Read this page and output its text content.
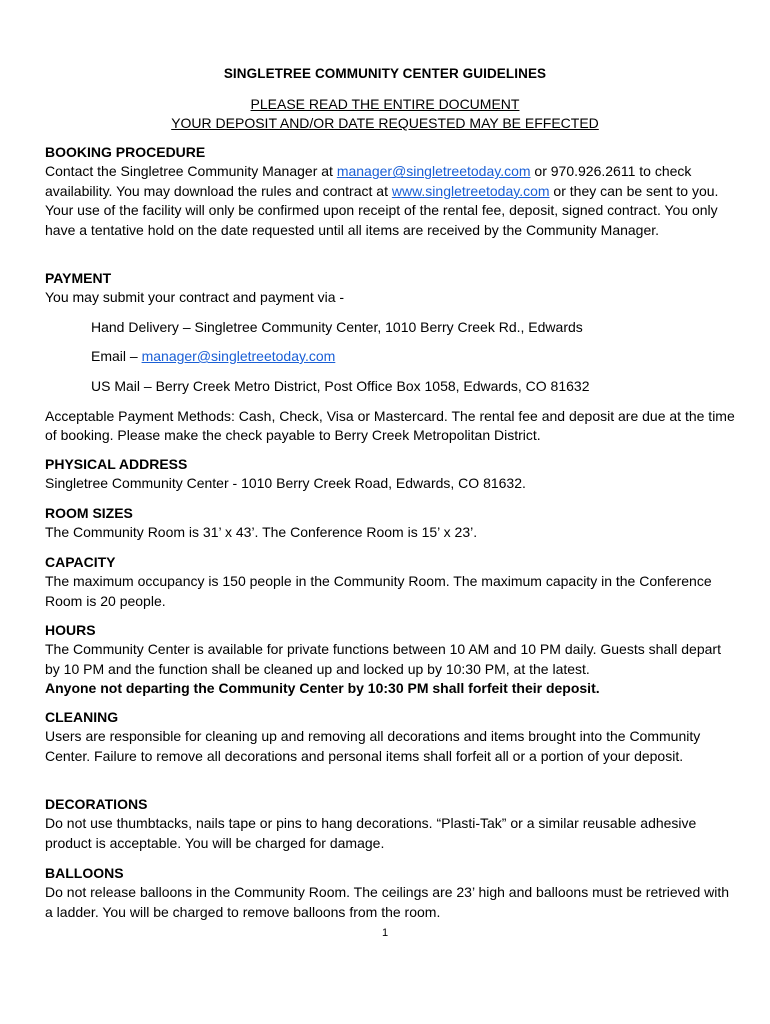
SINGLETREE COMMUNITY CENTER GUIDELINES
PLEASE READ THE ENTIRE DOCUMENT
YOUR DEPOSIT AND/OR DATE REQUESTED MAY BE EFFECTED
BOOKING PROCEDURE

Contact the Singletree Community Manager at manager@singletreetoday.com or 970.926.2611 to check availability. You may download the rules and contract at www.singletreetoday.com or they can be sent to you. Your use of the facility will only be confirmed upon receipt of the rental fee, deposit, signed contract. You only have a tentative hold on the date requested until all items are received by the Community Manager.

PAYMENT

You may submit your contract and payment via -

Hand Delivery – Singletree Community Center, 1010 Berry Creek Rd., Edwards
Email – manager@singletreetoday.com
US Mail – Berry Creek Metro District, Post Office Box 1058, Edwards, CO 81632
Acceptable Payment Methods: Cash, Check, Visa or Mastercard. The rental fee and deposit are due at the time of booking. Please make the check payable to Berry Creek Metropolitan District.
PHYSICAL ADDRESS

Singletree Community Center - 1010 Berry Creek Road, Edwards, CO 81632.

ROOM SIZES

The Community Room is 31’ x 43’. The Conference Room is 15’ x 23’.

CAPACITY

The maximum occupancy is 150 people in the Community Room. The maximum capacity in the Conference Room is 20 people.

HOURS

The Community Center is available for private functions between 10 AM and 10 PM daily. Guests shall depart by 10 PM and the function shall be cleaned up and locked up by 10:30 PM, at the latest.

Anyone not departing the Community Center by 10:30 PM shall forfeit their deposit.

CLEANING

Users are responsible for cleaning up and removing all decorations and items brought into the Community Center. Failure to remove all decorations and personal items shall forfeit all or a portion of your deposit.

DECORATIONS

Do not use thumbtacks, nails tape or pins to hang decorations. “Plasti-Tak” or a similar reusable adhesive product is acceptable. You will be charged for damage.

BALLOONS

Do not release balloons in the Community Room. The ceilings are 23’ high and balloons must be retrieved with a ladder. You will be charged to remove balloons from the room.

1
